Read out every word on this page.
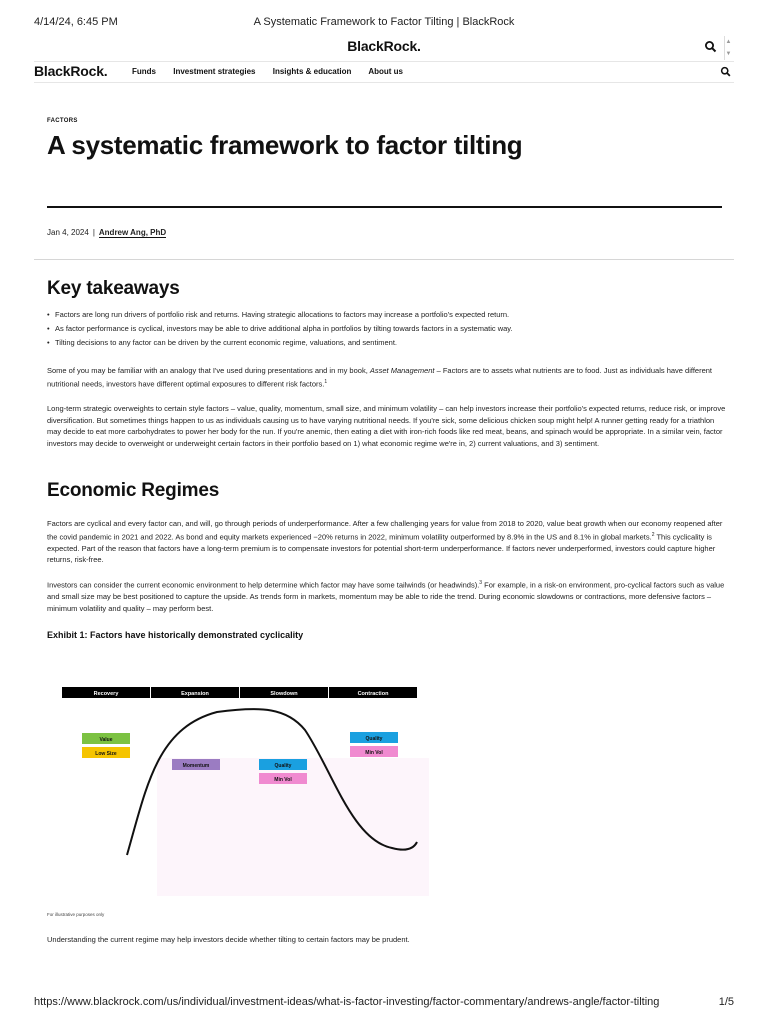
4/14/24, 6:45 PM	A Systematic Framework to Factor Tilting | BlackRock
BlackRock.	▲
▼
BlackRock.	Funds Investment strategies Insights & education About us
FACTORS
A systematic framework to factor tilting
Jan 4, 2024 | Andrew Ang, PhD
Key takeaways
• Factors are long run drivers of portfolio risk and returns. Having strategic allocations to factors may increase a portfolio's expected return.
• As factor performance is cyclical, investors may be able to drive additional alpha in portfolios by tilting towards factors in a systematic way.
• Tilting decisions to any factor can be driven by the current economic regime, valuations, and sentiment.

Some of you may be familiar with an analogy that I've used during presentations and in my book, Asset Management – Factors are to assets what nutrients are to food. Just as individuals have different nutritional needs, investors have different optimal exposures to different risk factors.$^1$

Long-term strategic overweights to certain style factors – value, quality, momentum, small size, and minimum volatility – can help investors increase their portfolio's expected returns, reduce risk, or improve diversification. But sometimes things happen to us as individuals causing us to have varying nutritional needs. If you're sick, some delicious chicken soup might help! A runner getting ready for a triathlon may decide to eat more carbohydrates to power her body for the run. If you're anemic, then eating a diet with iron-rich foods like red meat, beans, and spinach would be appropriate. In a similar vein, factor investors may decide to overweight or underweight certain factors in their portfolio based on 1) what economic regime we're in, 2) current valuations, and 3) sentiment.

Economic Regimes

Factors are cyclical and every factor can, and will, go through periods of underperformance. After a few challenging years for value from 2018 to 2020, value beat growth when our economy reopened after the covid pandemic in 2021 and 2022. As bond and equity markets experienced −20% returns in 2022, minimum volatility outperformed by 8.9% in the US and 8.1% in global markets.$^2$ This cyclicality is expected. Part of the reason that factors have a long-term premium is to compensate investors for potential short-term underperformance. If factors never underperformed, investors could capture higher returns, risk-free.

Investors can consider the current economic environment to help determine which factor may have some tailwinds (or headwinds).$^3$ For example, in a risk-on environment, pro-cyclical factors such as value and small size may be best positioned to capture the upside. As trends form in markets, momentum may be able to ride the trend. During economic slowdowns or contractions, more defensive factors – minimum volatility and quality – may perform best.

Exhibit 1: Factors have historically demonstrated cyclicality
Recovery	Expansion	Slowdown	Contraction
Value
Low Size
Momentum	Quality
Min Vol
Quality
Min Vol
For illustrative purposes only
Understanding the current regime may help investors decide whether tilting to certain factors may be prudent.
https://www.blackrock.com/us/individual/investment-ideas/what-is-factor-investing/factor-commentary/andrews-angle/factor-tilting	1/5
